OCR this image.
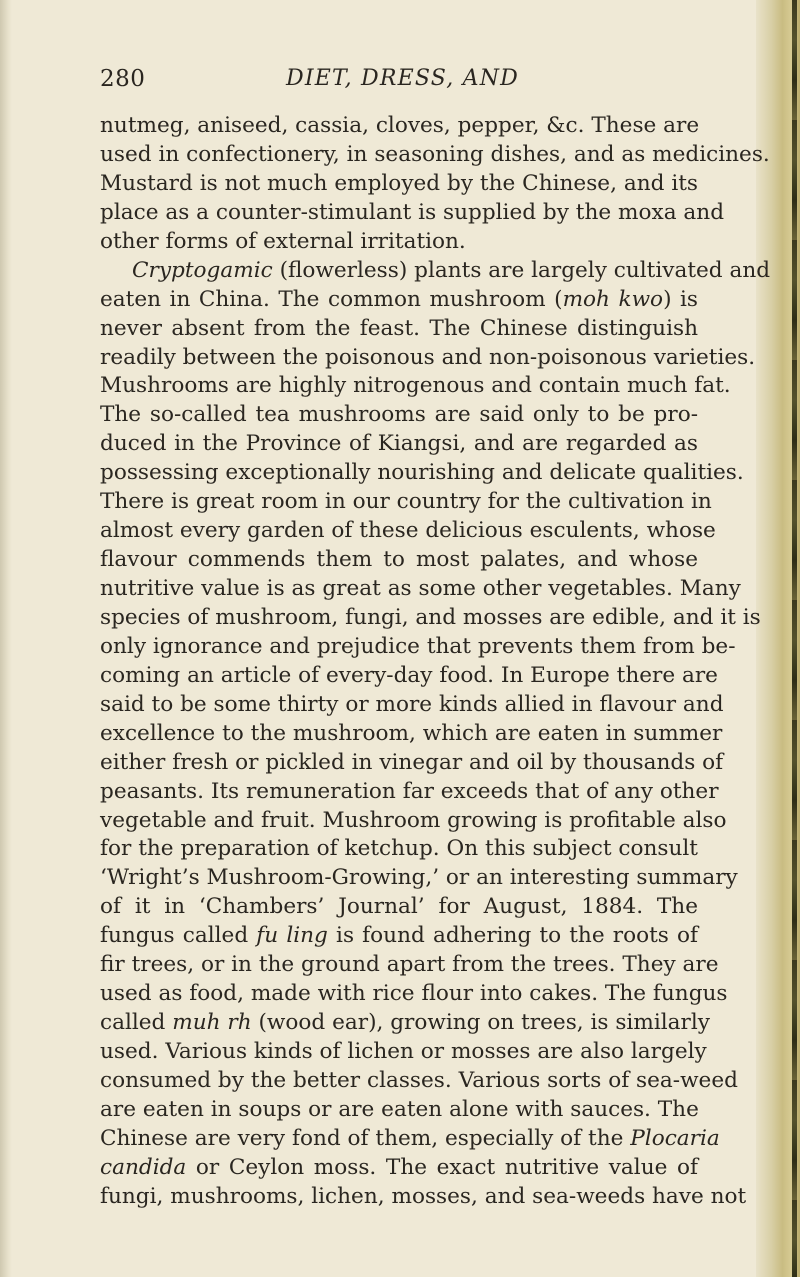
280	DIET, DRESS, AND
nutmeg, aniseed, cassia, cloves, pepper, &c. These are
used in confectionery, in seasoning dishes, and as medicines.
Mustard is not much employed by the Chinese, and its
place as a counter-stimulant is supplied by the moxa and
other forms of external irritation.
Cryptogamic (flowerless) plants are largely cultivated and
eaten in China. The common mushroom (moh kwo) is
never absent from the feast. The Chinese distinguish
readily between the poisonous and non-poisonous varieties.
Mushrooms are highly nitrogenous and contain much fat.
The so-called tea mushrooms are said only to be pro-
duced in the Province of Kiangsi, and are regarded as
possessing exceptionally nourishing and delicate qualities.
There is great room in our country for the cultivation in
almost every garden of these delicious esculents, whose
flavour commends them to most palates, and whose
nutritive value is as great as some other vegetables. Many
species of mushroom, fungi, and mosses are edible, and it is
only ignorance and prejudice that prevents them from be-
coming an article of every-day food. In Europe there are
said to be some thirty or more kinds allied in flavour and
excellence to the mushroom, which are eaten in summer
either fresh or pickled in vinegar and oil by thousands of
peasants. Its remuneration far exceeds that of any other
vegetable and fruit. Mushroom growing is profitable also
for the preparation of ketchup. On this subject consult
‘Wright’s Mushroom-Growing,’ or an interesting summary
of it in ‘Chambers’ Journal’ for August, 1884. The
fungus called fu ling is found adhering to the roots of
fir trees, or in the ground apart from the trees. They are
used as food, made with rice flour into cakes. The fungus
called muh rh (wood ear), growing on trees, is similarly
used. Various kinds of lichen or mosses are also largely
consumed by the better classes. Various sorts of sea-weed
are eaten in soups or are eaten alone with sauces. The
Chinese are very fond of them, especially of the Plocaria
candida or Ceylon moss. The exact nutritive value of
fungi, mushrooms, lichen, mosses, and sea-weeds have not
